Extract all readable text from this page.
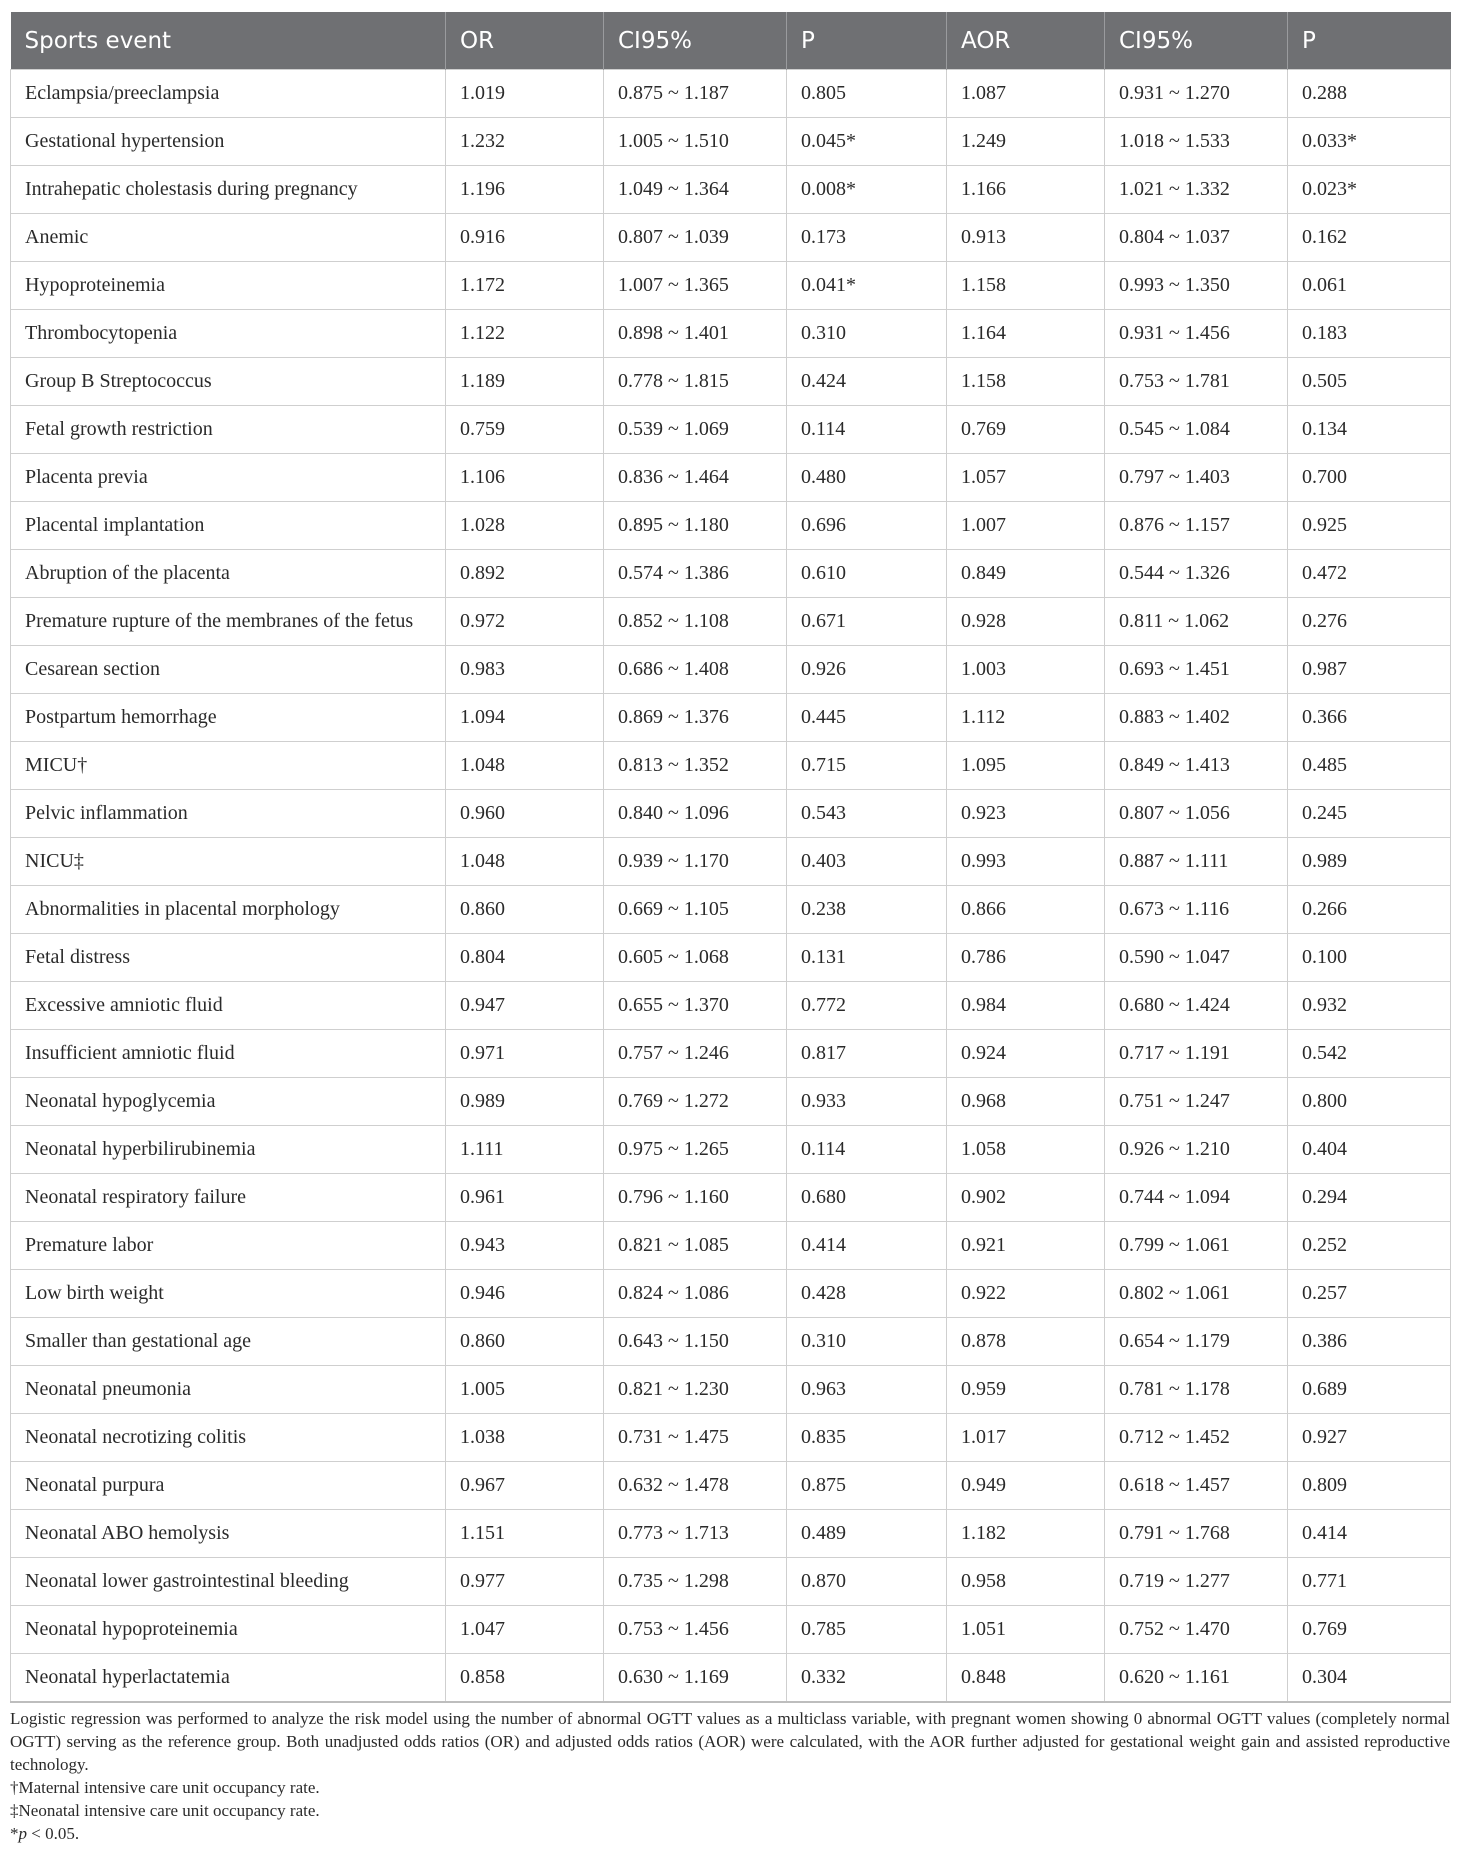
Sports event	OR	CI95%	P	AOR	CI95%	P
Eclampsia/preeclampsia	1.019	0.875 ~ 1.187	0.805	1.087	0.931 ~ 1.270	0.288
Gestational hypertension	1.232	1.005 ~ 1.510	0.045*	1.249	1.018 ~ 1.533	0.033*
Intrahepatic cholestasis during pregnancy	1.196	1.049 ~ 1.364	0.008*	1.166	1.021 ~ 1.332	0.023*
Anemic	0.916	0.807 ~ 1.039	0.173	0.913	0.804 ~ 1.037	0.162
Hypoproteinemia	1.172	1.007 ~ 1.365	0.041*	1.158	0.993 ~ 1.350	0.061
Thrombocytopenia	1.122	0.898 ~ 1.401	0.310	1.164	0.931 ~ 1.456	0.183
Group B Streptococcus	1.189	0.778 ~ 1.815	0.424	1.158	0.753 ~ 1.781	0.505
Fetal growth restriction	0.759	0.539 ~ 1.069	0.114	0.769	0.545 ~ 1.084	0.134
Placenta previa	1.106	0.836 ~ 1.464	0.480	1.057	0.797 ~ 1.403	0.700
Placental implantation	1.028	0.895 ~ 1.180	0.696	1.007	0.876 ~ 1.157	0.925
Abruption of the placenta	0.892	0.574 ~ 1.386	0.610	0.849	0.544 ~ 1.326	0.472
Premature rupture of the membranes of the fetus	0.972	0.852 ~ 1.108	0.671	0.928	0.811 ~ 1.062	0.276
Cesarean section	0.983	0.686 ~ 1.408	0.926	1.003	0.693 ~ 1.451	0.987
Postpartum hemorrhage	1.094	0.869 ~ 1.376	0.445	1.112	0.883 ~ 1.402	0.366
MICU†	1.048	0.813 ~ 1.352	0.715	1.095	0.849 ~ 1.413	0.485
Pelvic inflammation	0.960	0.840 ~ 1.096	0.543	0.923	0.807 ~ 1.056	0.245
NICU‡	1.048	0.939 ~ 1.170	0.403	0.993	0.887 ~ 1.111	0.989
Abnormalities in placental morphology	0.860	0.669 ~ 1.105	0.238	0.866	0.673 ~ 1.116	0.266
Fetal distress	0.804	0.605 ~ 1.068	0.131	0.786	0.590 ~ 1.047	0.100
Excessive amniotic fluid	0.947	0.655 ~ 1.370	0.772	0.984	0.680 ~ 1.424	0.932
Insufficient amniotic fluid	0.971	0.757 ~ 1.246	0.817	0.924	0.717 ~ 1.191	0.542
Neonatal hypoglycemia	0.989	0.769 ~ 1.272	0.933	0.968	0.751 ~ 1.247	0.800
Neonatal hyperbilirubinemia	1.111	0.975 ~ 1.265	0.114	1.058	0.926 ~ 1.210	0.404
Neonatal respiratory failure	0.961	0.796 ~ 1.160	0.680	0.902	0.744 ~ 1.094	0.294
Premature labor	0.943	0.821 ~ 1.085	0.414	0.921	0.799 ~ 1.061	0.252
Low birth weight	0.946	0.824 ~ 1.086	0.428	0.922	0.802 ~ 1.061	0.257
Smaller than gestational age	0.860	0.643 ~ 1.150	0.310	0.878	0.654 ~ 1.179	0.386
Neonatal pneumonia	1.005	0.821 ~ 1.230	0.963	0.959	0.781 ~ 1.178	0.689
Neonatal necrotizing colitis	1.038	0.731 ~ 1.475	0.835	1.017	0.712 ~ 1.452	0.927
Neonatal purpura	0.967	0.632 ~ 1.478	0.875	0.949	0.618 ~ 1.457	0.809
Neonatal ABO hemolysis	1.151	0.773 ~ 1.713	0.489	1.182	0.791 ~ 1.768	0.414
Neonatal lower gastrointestinal bleeding	0.977	0.735 ~ 1.298	0.870	0.958	0.719 ~ 1.277	0.771
Neonatal hypoproteinemia	1.047	0.753 ~ 1.456	0.785	1.051	0.752 ~ 1.470	0.769
Neonatal hyperlactatemia	0.858	0.630 ~ 1.169	0.332	0.848	0.620 ~ 1.161	0.304

Logistic regression was performed to analyze the risk model using the number of abnormal OGTT values as a multiclass variable, with pregnant women showing 0 abnormal OGTT values (completely normal OGTT) serving as the reference group. Both unadjusted odds ratios (OR) and adjusted odds ratios (AOR) were calculated, with the AOR further adjusted for gestational weight gain and assisted reproductive technology.

†Maternal intensive care unit occupancy rate.

‡Neonatal intensive care unit occupancy rate.

*p < 0.05.
